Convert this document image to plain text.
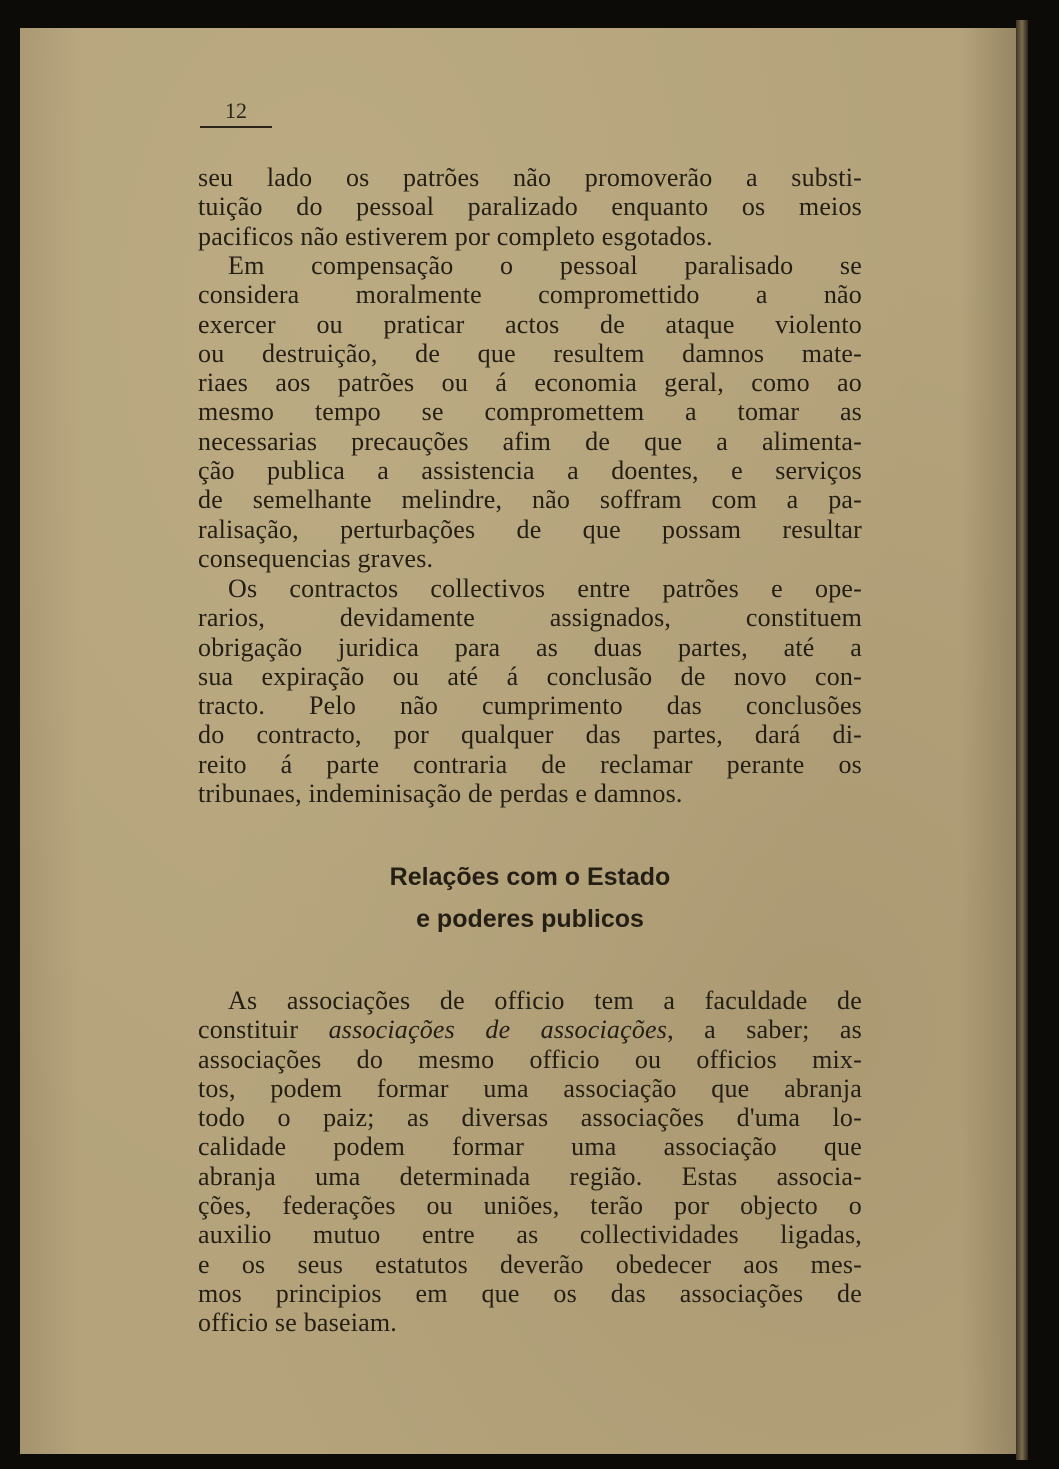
12
seu lado os patrões não promoverão a substi-
tuição do pessoal paralizado enquanto os meios
pacificos não estiverem por completo esgotados.
Em compensação o pessoal paralisado se
considera moralmente compromettido a não
exercer ou praticar actos de ataque violento
ou destruição, de que resultem damnos mate-
riaes aos patrões ou á economia geral, como ao
mesmo tempo se compromettem a tomar as
necessarias precauções afim de que a alimenta-
ção publica a assistencia a doentes, e serviços
de semelhante melindre, não soffram com a pa-
ralisação, perturbações de que possam resultar
consequencias graves.
Os contractos collectivos entre patrões e ope-
rarios, devidamente assignados, constituem
obrigação juridica para as duas partes, até a
sua expiração ou até á conclusão de novo con-
tracto. Pelo não cumprimento das conclusões
do contracto, por qualquer das partes, dará di-
reito á parte contraria de reclamar perante os
tribunaes, indeminisação de perdas e damnos.
Relações com o Estado
e poderes publicos
As associações de officio tem a faculdade de
constituir associações de associações, a saber; as
associações do mesmo officio ou officios mix-
tos, podem formar uma associação que abranja
todo o paiz; as diversas associações d'uma lo-
calidade podem formar uma associação que
abranja uma determinada região. Estas associa-
ções, federações ou uniões, terão por objecto o
auxilio mutuo entre as collectividades ligadas,
e os seus estatutos deverão obedecer aos mes-
mos principios em que os das associações de
officio se baseiam.
